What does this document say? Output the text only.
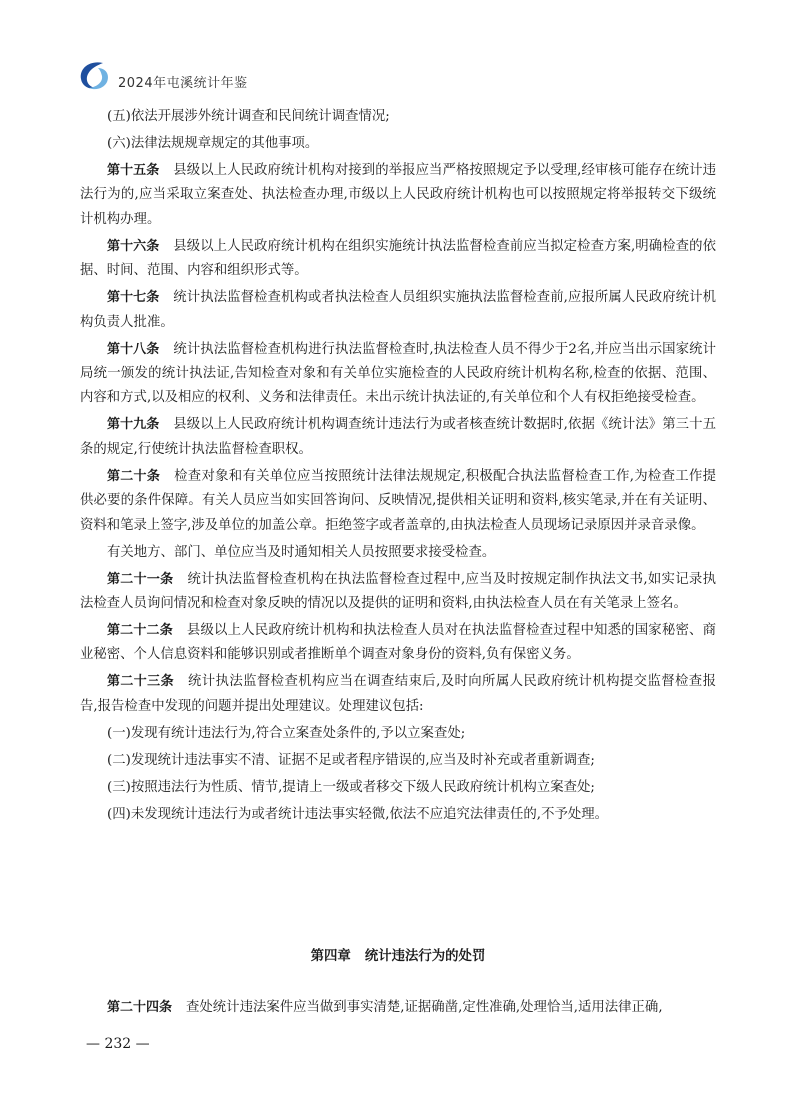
2024年屯溪统计年鉴

(五)依法开展涉外统计调查和民间统计调查情况;

(六)法律法规规章规定的其他事项。

第十五条 县级以上人民政府统计机构对接到的举报应当严格按照规定予以受理,经审核可能存在统计违法行为的,应当采取立案查处、执法检查办理,市级以上人民政府统计机构也可以按照规定将举报转交下级统计机构办理。

第十六条 县级以上人民政府统计机构在组织实施统计执法监督检查前应当拟定检查方案,明确检查的依据、时间、范围、内容和组织形式等。

第十七条 统计执法监督检查机构或者执法检查人员组织实施执法监督检查前,应报所属人民政府统计机构负责人批准。

第十八条 统计执法监督检查机构进行执法监督检查时,执法检查人员不得少于2名,并应当出示国家统计局统一颁发的统计执法证,告知检查对象和有关单位实施检查的人民政府统计机构名称,检查的依据、范围、内容和方式,以及相应的权利、义务和法律责任。未出示统计执法证的,有关单位和个人有权拒绝接受检查。

第十九条 县级以上人民政府统计机构调查统计违法行为或者核查统计数据时,依据《统计法》第三十五条的规定,行使统计执法监督检查职权。

第二十条 检查对象和有关单位应当按照统计法律法规规定,积极配合执法监督检查工作,为检查工作提供必要的条件保障。有关人员应当如实回答询问、反映情况,提供相关证明和资料,核实笔录,并在有关证明、资料和笔录上签字,涉及单位的加盖公章。拒绝签字或者盖章的,由执法检查人员现场记录原因并录音录像。

有关地方、部门、单位应当及时通知相关人员按照要求接受检查。

第二十一条 统计执法监督检查机构在执法监督检查过程中,应当及时按规定制作执法文书,如实记录执法检查人员询问情况和检查对象反映的情况以及提供的证明和资料,由执法检查人员在有关笔录上签名。

第二十二条 县级以上人民政府统计机构和执法检查人员对在执法监督检查过程中知悉的国家秘密、商业秘密、个人信息资料和能够识别或者推断单个调查对象身份的资料,负有保密义务。

第二十三条 统计执法监督检查机构应当在调查结束后,及时向所属人民政府统计机构提交监督检查报告,报告检查中发现的问题并提出处理建议。处理建议包括:

(一)发现有统计违法行为,符合立案查处条件的,予以立案查处;

(二)发现统计违法事实不清、证据不足或者程序错误的,应当及时补充或者重新调查;

(三)按照违法行为性质、情节,提请上一级或者移交下级人民政府统计机构立案查处;

(四)未发现统计违法行为或者统计违法事实轻微,依法不应追究法律责任的,不予处理。

第四章 统计违法行为的处罚
第二十四条 查处统计违法案件应当做到事实清楚,证据确凿,定性准确,处理恰当,适用法律正确,
— 232 —
